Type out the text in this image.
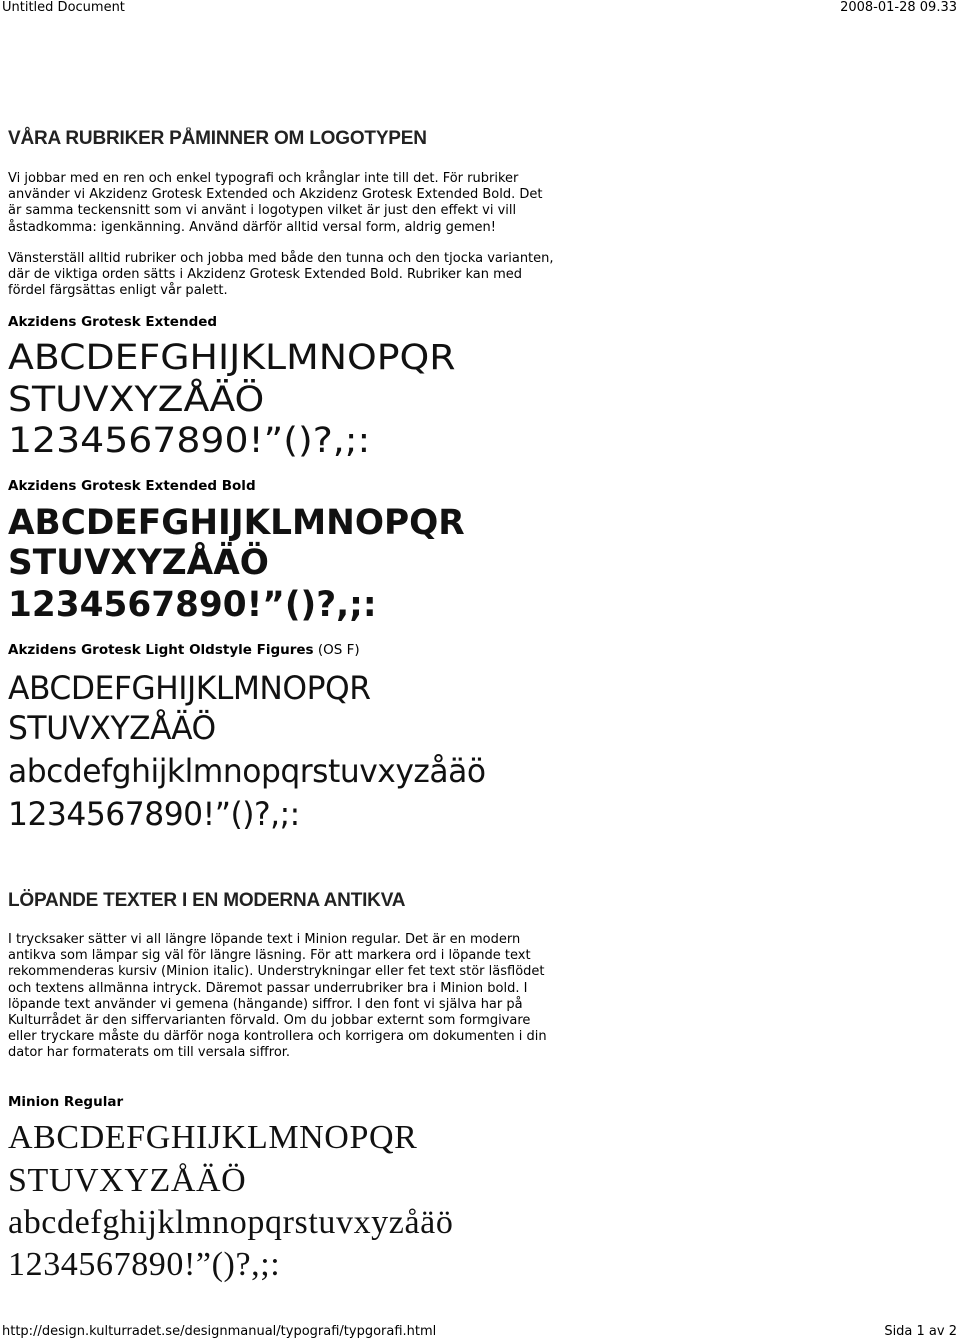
Untitled Document	2008-01-28 09.33
VÅRA RUBRIKER PÅMINNER OM LOGOTYPEN

Vi jobbar med en ren och enkel typografi och krånglar inte till det. För rubriker
använder vi Akzidenz Grotesk Extended och Akzidenz Grotesk Extended Bold. Det
är samma teckensnitt som vi använt i logotypen vilket är just den effekt vi vill
åstadkomma: igenkänning. Använd därför alltid versal form, aldrig gemen!

Vänsterställ alltid rubriker och jobba med både den tunna och den tjocka varianten,
där de viktiga orden sätts i Akzidenz Grotesk Extended Bold. Rubriker kan med
fördel färgsättas enligt vår palett.

Akzidens Grotesk Extended
ABCDEFGHIJKLMNOPQR
STUVXYZÅÄÖ
1234567890!”()?,;:
Akzidens Grotesk Extended Bold
ABCDEFGHIJKLMNOPQR
STUVXYZÅÄÖ
1234567890!”()?,;:
Akzidens Grotesk Light Oldstyle Figures (OS F)
ABCDEFGHIJKLMNOPQR
STUVXYZÅÄÖ
abcdefghijklmnopqrstuvxyzåäö
1234567890!”()?,;:
LÖPANDE TEXTER I EN MODERNA ANTIKVA

I trycksaker sätter vi all längre löpande text i Minion regular. Det är en modern
antikva som lämpar sig väl för längre läsning. För att markera ord i löpande text
rekommenderas kursiv (Minion italic). Understrykningar eller fet text stör läsflödet
och textens allmänna intryck. Däremot passar underrubriker bra i Minion bold. I
löpande text använder vi gemena (hängande) siffror. I den font vi själva har på
Kulturrådet är den siffervarianten förvald. Om du jobbar externt som formgivare
eller tryckare måste du därför noga kontrollera och korrigera om dokumenten i din
dator har formaterats om till versala siffror.

Minion Regular
ABCDEFGHIJKLMNOPQR
STUVXYZÅÄÖ
abcdefghijklmnopqrstuvxyzåäö
1234567890!”()?,;:
http://design.kulturradet.se/designmanual/typografi/typgorafi.html	Sida 1 av 2
